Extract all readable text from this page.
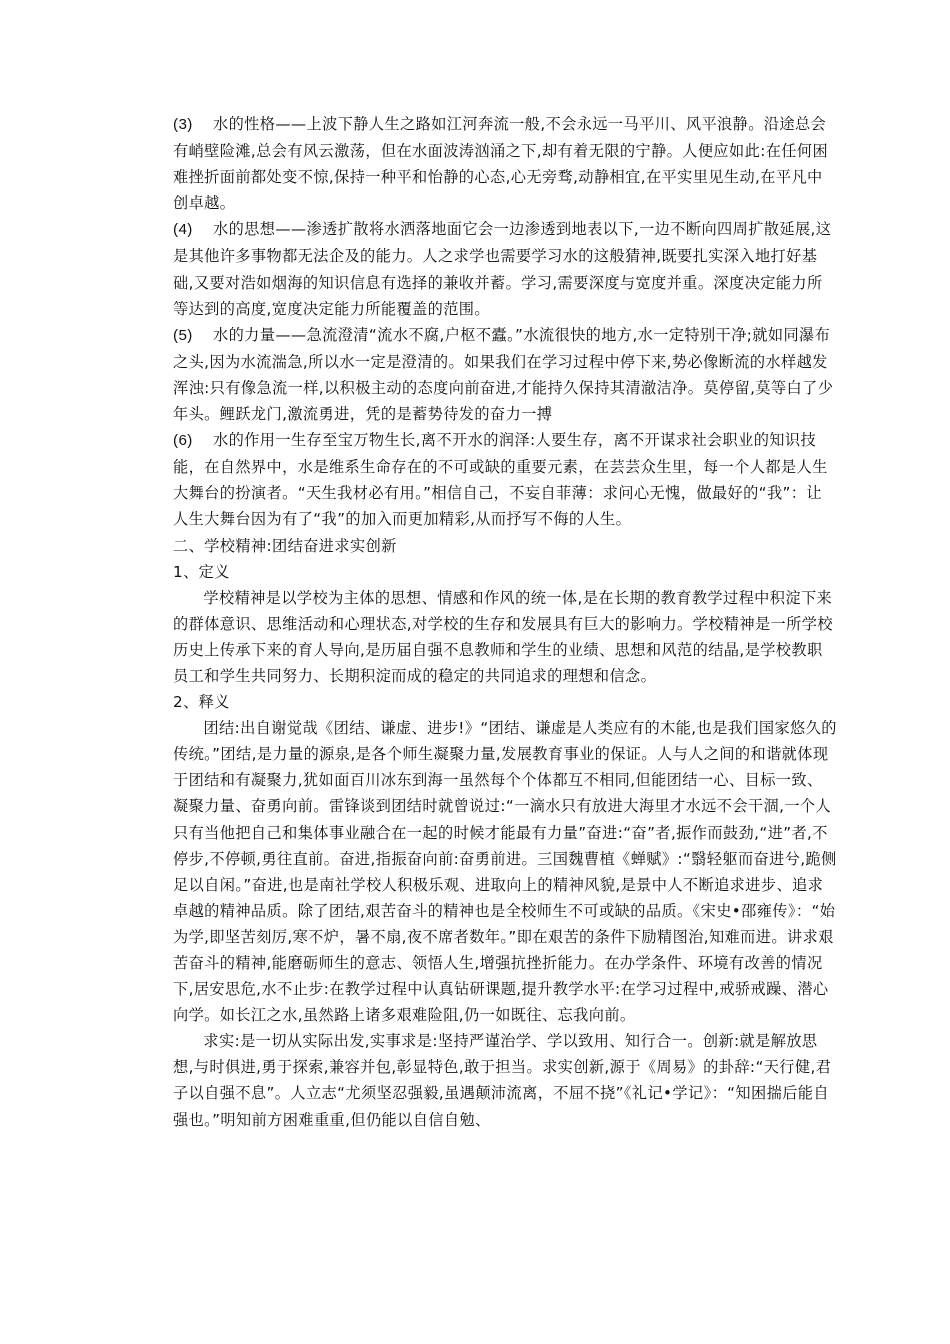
(3) 水的性格——上波下静人生之路如江河奔流一般,不会永远一马平川、风平浪静。沿途总会有峭壁险滩,总会有风云激荡，但在水面波涛汹涌之下,却有着无限的宁静。人便应如此:在任何困难挫折面前都处变不惊,保持一种平和怡静的心态,心无旁骛,动静相宜,在平实里见生动,在平凡中创卓越。

(4) 水的思想——渗透扩散将水洒落地面它会一边渗透到地表以下,一边不断向四周扩散延展,这是其他许多事物都无法企及的能力。人之求学也需要学习水的这般猜神,既要扎实深入地打好基础,又要对浩如烟海的知识信息有选择的兼收并蓄。学习,需要深度与宽度并重。深度决定能力所等达到的高度,宽度决定能力所能覆盖的范围。

(5) 水的力量——急流澄清“流水不腐,户枢不蠹。”水流很快的地方,水一定特别干净;就如同瀑布之头,因为水流湍急,所以水一定是澄清的。如果我们在学习过程中停下来,势必像断流的水样越发浑浊:只有像急流一样,以积极主动的态度向前奋进,才能持久保持其清澈洁净。莫停留,莫等白了少年头。鲤跃龙门,激流勇进，凭的是蓄势待发的奋力一搏

(6) 水的作用一生存至宝万物生长,离不开水的润泽:人要生存，离不开谋求社会职业的知识技能，在自然界中，水是维系生命存在的不可或缺的重要元素，在芸芸众生里，每一个人都是人生大舞台的扮演者。“天生我材必有用。”相信自己，不妄自菲薄：求问心无愧，做最好的“我”：让人生大舞台因为有了“我”的加入而更加精彩,从而抒写不侮的人生。

二、学校精神:团结奋进求实创新

1、定义

学校精神是以学校为主体的思想、情感和作风的统一体,是在长期的教育教学过程中积淀下来的群体意识、思维活动和心理状态,对学校的生存和发展具有巨大的影响力。学校精神是一所学校历史上传承下来的育人导向,是历届自强不息教师和学生的业绩、思想和风范的结晶,是学校教职员工和学生共同努力、长期积淀而成的稳定的共同追求的理想和信念。

2、释义

团结:出自谢觉哉《团结、谦虚、进步!》“团结、谦虚是人类应有的木能,也是我们国家悠久的传统。”团结,是力量的源泉,是各个师生凝聚力量,发展教育事业的保证。人与人之间的和谐就体现于团结和有凝聚力,犹如面百川冰东到海一虽然每个个体都互不相同,但能团结一心、目标一致、凝聚力量、奋勇向前。雷锋谈到团结时就曾说过:“一滴水只有放进大海里才水远不会干涸,一个人只有当他把自己和集体事业融合在一起的时候才能最有力量”奋进:“奋”者,振作而鼓劲,“进”者,不停步,不停顿,勇往直前。奋进,指振奋向前:奋勇前进。三国魏曹植《蝉赋》:“翳轻躯而奋进兮,跪侧足以自闲。”奋进,也是南社学校人积极乐观、进取向上的精神风貌,是景中人不断追求进步、追求卓越的精神品质。除了团结,艰苦奋斗的精神也是全校师生不可或缺的品质。《宋史•邵雍传》：“始为学,即坚苦刻厉,寒不炉，暑不扇,夜不席者数年。”即在艰苦的条件下励精图治,知难而进。讲求艰苦奋斗的精神,能磨砺师生的意志、领悟人生,增强抗挫折能力。在办学条件、环境有改善的情况下,居安思危,水不止步:在教学过程中认真钻研课题,提升教学水平:在学习过程中,戒骄戒躁、潜心向学。如长江之水,虽然路上诸多艰难险阻,仍一如既往、忘我向前。

求实:是一切从实际出发,实事求是:坚持严谨治学、学以致用、知行合一。创新:就是解放思想,与时俱进,勇于探索,兼容并包,彰显特色,敢于担当。求实创新,源于《周易》的卦辞:“天行健,君子以自强不息”。人立志“尤须坚忍强毅,虽遇颠沛流离，不屈不挠”《礼记•学记》：“知困揣后能自强也。”明知前方困难重重,但仍能以自信自勉、
